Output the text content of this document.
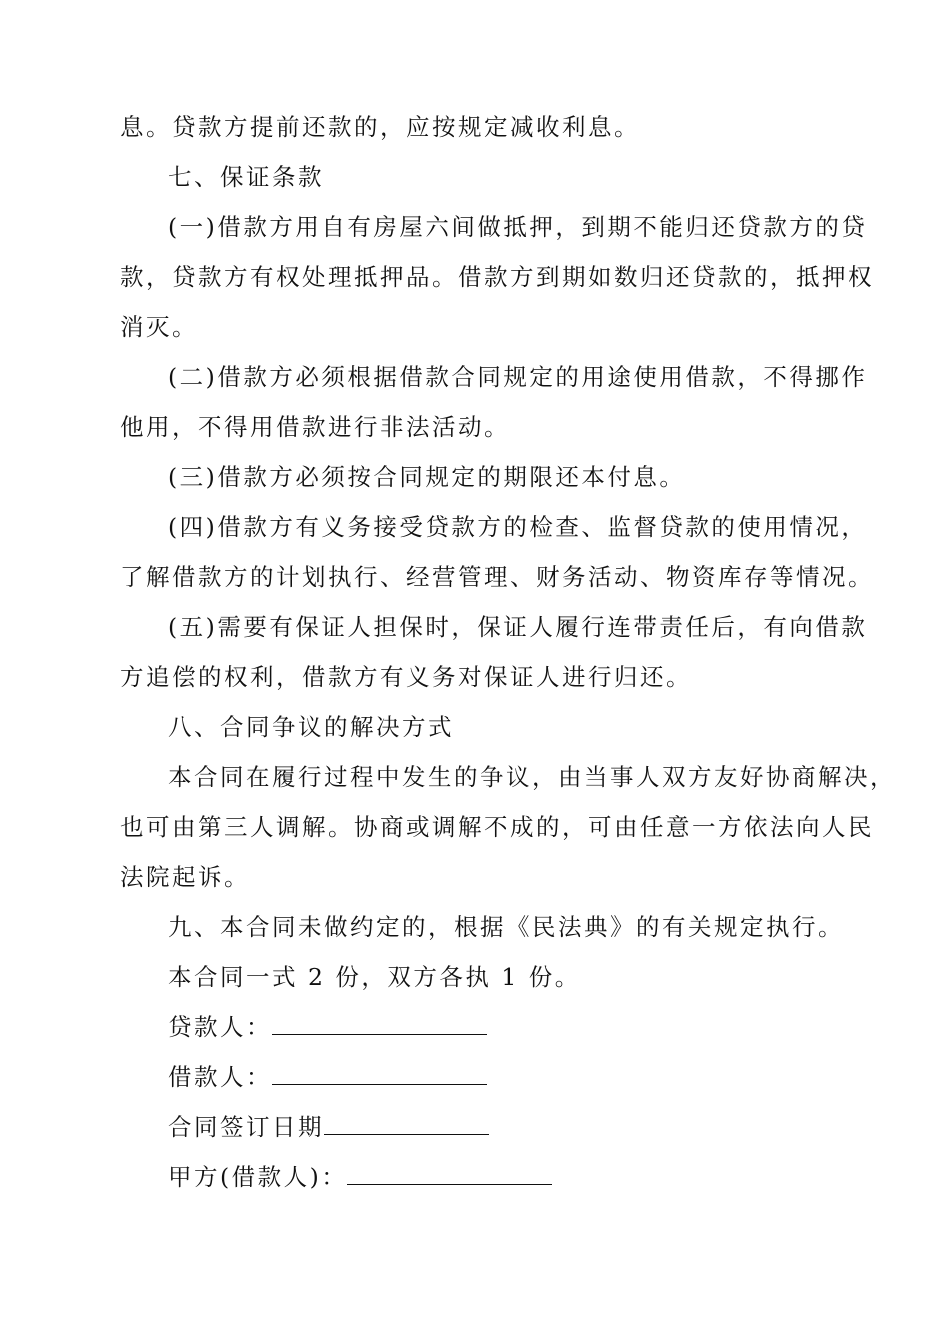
息。贷款方提前还款的，应按规定减收利息。
七、保证条款
(一)借款方用自有房屋六间做抵押，到期不能归还贷款方的贷
款，贷款方有权处理抵押品。借款方到期如数归还贷款的，抵押权
消灭。
(二)借款方必须根据借款合同规定的用途使用借款，不得挪作
他用，不得用借款进行非法活动。
(三)借款方必须按合同规定的期限还本付息。
(四)借款方有义务接受贷款方的检查、监督贷款的使用情况，
了解借款方的计划执行、经营管理、财务活动、物资库存等情况。
(五)需要有保证人担保时，保证人履行连带责任后，有向借款
方追偿的权利，借款方有义务对保证人进行归还。
八、合同争议的解决方式
本合同在履行过程中发生的争议，由当事人双方友好协商解决，
也可由第三人调解。协商或调解不成的，可由任意一方依法向人民
法院起诉。
九、本合同未做约定的，根据《民法典》的有关规定执行。
本合同一式 2 份，双方各执 1 份。
贷款人：
借款人：
合同签订日期
甲方(借款人)：
